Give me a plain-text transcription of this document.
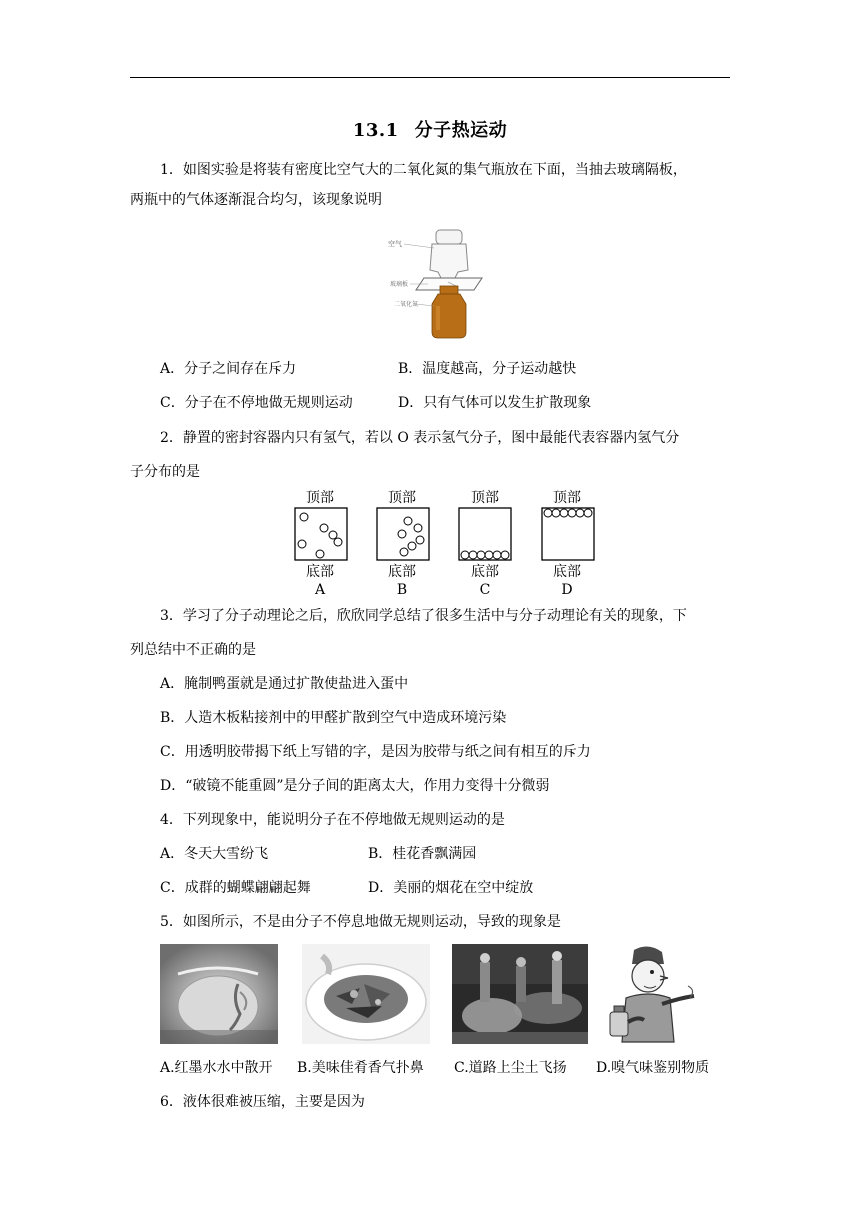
13.1 分子热运动
1．如图实验是将装有密度比空气大的二氧化氮的集气瓶放在下面，当抽去玻璃隔板，
两瓶中的气体逐渐混合均匀，该现象说明
空气
玻璃板
二氧化氮
A．分子之间存在斥力	B．温度越高，分子运动越快
C．分子在不停地做无规则运动	D．只有气体可以发生扩散现象
2．静置的密封容器内只有氢气，若以 O 表示氢气分子，图中最能代表容器内氢气分
子分布的是
顶部
底部
A
顶部
底部
B
顶部
底部
C
顶部
底部
D
3．学习了分子动理论之后，欣欣同学总结了很多生活中与分子动理论有关的现象，下
列总结中不正确的是
A．腌制鸭蛋就是通过扩散使盐进入蛋中
B．人造木板粘接剂中的甲醛扩散到空气中造成环境污染
C．用透明胶带揭下纸上写错的字，是因为胶带与纸之间有相互的斥力
D．“破镜不能重圆”是分子间的距离太大，作用力变得十分微弱
4．下列现象中，能说明分子在不停地做无规则运动的是
A．冬天大雪纷飞	B．桂花香飘满园
C．成群的蝴蝶翩翩起舞	D．美丽的烟花在空中绽放
5．如图所示，不是由分子不停息地做无规则运动，导致的现象是
A.红墨水水中散开 B.美味佳肴香气扑鼻 C.道路上尘土飞扬 D.嗅气味鉴别物质
6．液体很难被压缩，主要是因为
